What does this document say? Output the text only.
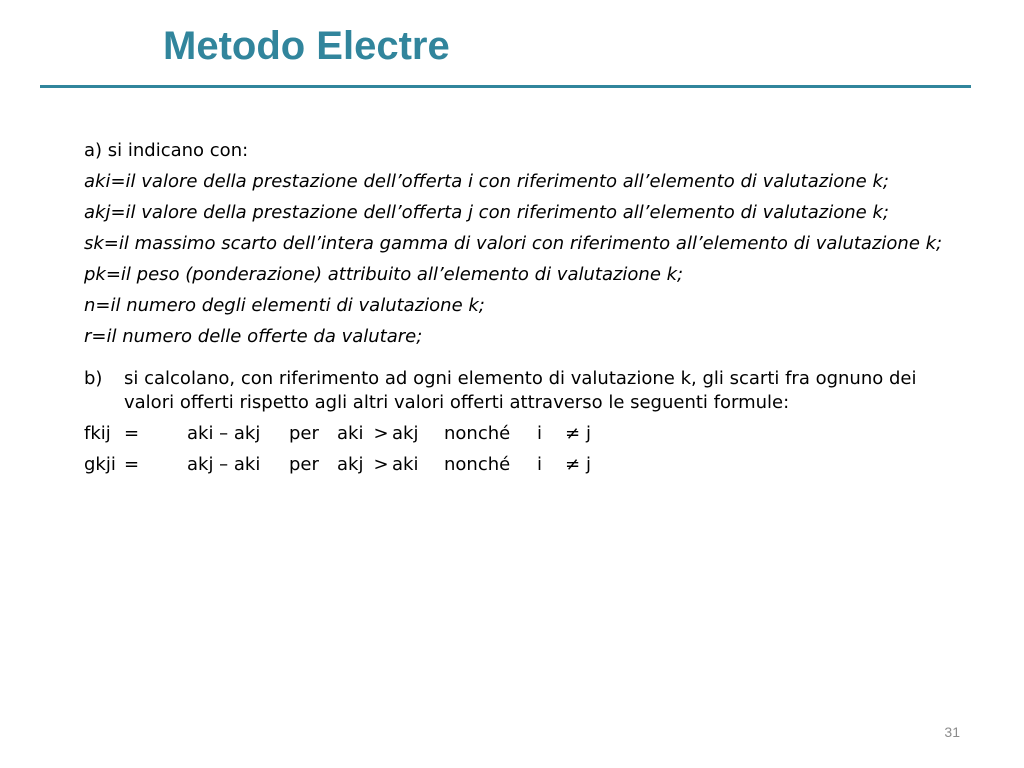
Metodo Electre

a) si indicano con:

aki=il valore della prestazione dell’offerta i con riferimento all’elemento di valutazione k;

akj=il valore della prestazione dell’offerta j con riferimento all’elemento di valutazione k;

sk=il massimo scarto dell’intera gamma di valori con riferimento all’elemento di valutazione k;

pk=il peso (ponderazione) attribuito all’elemento di valutazione k;

n=il numero degli elementi di valutazione k;

r=il numero delle offerte da valutare;

b)	si calcolano, con riferimento ad ogni elemento di valutazione k, gli scarti fra ognuno dei valori offerti rispetto agli altri valori offerti attraverso le seguenti formule:
fkij =	aki – akj	per	aki > akj	nonché	i	≠ j
gkji =	akj – aki	per	akj > aki	nonché	i	≠ j
31
